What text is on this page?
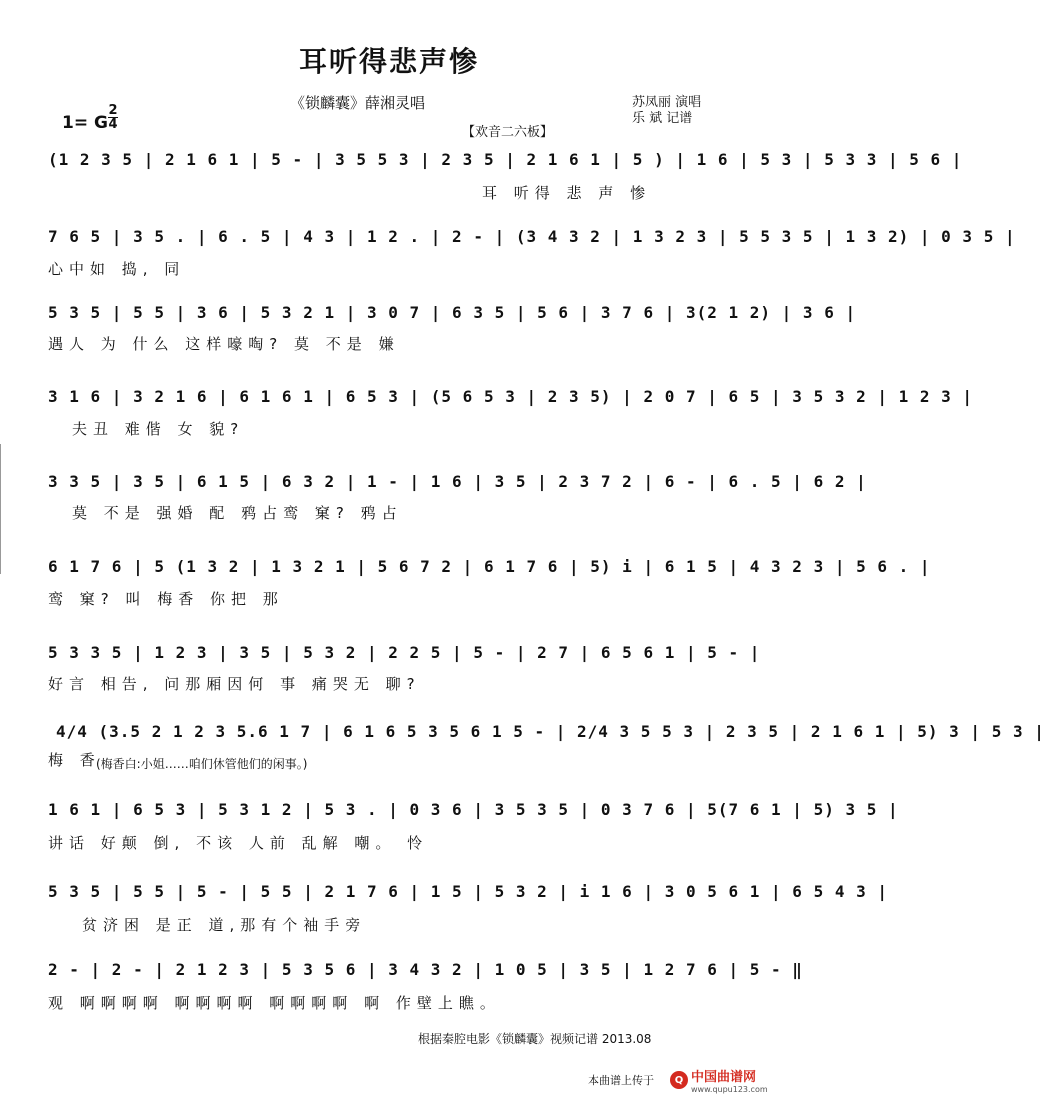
耳听得悲声惨
《锁麟囊》薛湘灵唱	苏凤丽 演唱
乐 斌 记谱
1= G
2
4
【欢音二六板】
(1 2 3 5 | 2 1 6 1 | 5 - | 3 5 5 3 | 2 3 5 | 2 1 6 1 | 5 ) | 1 6 | 5 3 | 5 3 3 | 5 6 |
耳 听得 悲 声 惨
7 6 5 | 3 5 . | 6 . 5 | 4 3 | 1 2 . | 2 - | (3 4 3 2 | 1 3 2 3 | 5 5 3 5 | 1 3 2) | 0 3 5 |
心中如 捣, 同
5 3 5 | 5 5 | 3 6 | 5 3 2 1 | 3 0 7 | 6 3 5 | 5 6 | 3 7 6 | 3(2 1 2) | 3 6 |
遇人 为 什么 这样嚎啕? 莫 不是 嫌
3 1 6 | 3 2 1 6 | 6 1 6 1 | 6 5 3 | (5 6 5 3 | 2 3 5) | 2 0 7 | 6 5 | 3 5 3 2 | 1 2 3 |
夫丑 难偕 女 貌?
3 3 5 | 3 5 | 6 1 5 | 6 3 2 | 1 - | 1 6 | 3 5 | 2 3 7 2 | 6 - | 6 . 5 | 6 2 |
莫 不是 强婚 配 鸦占鸾 窠? 鸦占
6 1 7 6 | 5 (1 3 2 | 1 3 2 1 | 5 6 7 2 | 6 1 7 6 | 5) i | 6 1 5 | 4 3 2 3 | 5 6 . |
鸾 窠? 叫 梅香 你把 那
5 3 3 5 | 1 2 3 | 3 5 | 5 3 2 | 2 2 5 | 5 - | 2 7 | 6 5 6 1 | 5 - |
好言 相告, 问那厢因何 事 痛哭无 聊?
4/4 (3.5 2 1 2 3 5.6 1 7 | 6 1 6 5 3 5 6 1 5 - | 2/4 3 5 5 3 | 2 3 5 | 2 1 6 1 | 5) 3 | 5 3 |
(梅香白:小姐……咱们休管他们的闲事。)
梅 香
1 6 1 | 6 5 3 | 5 3 1 2 | 5 3 . | 0 3 6 | 3 5 3 5 | 0 3 7 6 | 5(7 6 1 | 5) 3 5 |
讲话 好颠 倒, 不该 人前 乱解 嘲。 怜
5 3 5 | 5 5 | 5 - | 5 5 | 2 1 7 6 | 1 5 | 5 3 2 | i 1 6 | 3 0 5 6 1 | 6 5 4 3 |
贫济困 是正 道,那有个袖手旁
2 - | 2 - | 2 1 2 3 | 5 3 5 6 | 3 4 3 2 | 1 0 5 | 3 5 | 1 2 7 6 | 5 - ‖
观 啊啊啊啊 啊啊啊啊 啊啊啊啊 啊 作壁上瞧。
根据秦腔电影《锁麟囊》视频记谱 2013.08
本曲谱上传于	Q 中国曲谱网
www.qupu123.com
